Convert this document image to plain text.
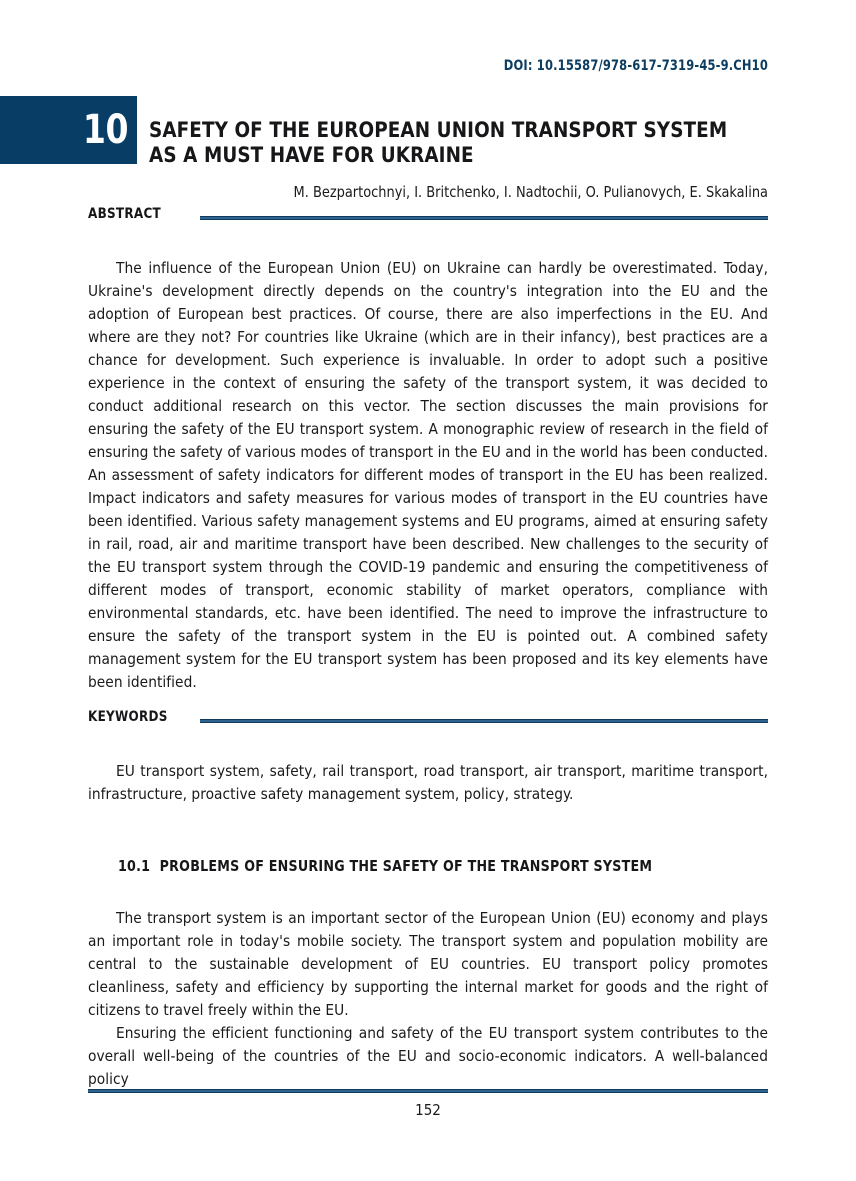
DOI: 10.15587/978-617-7319-45-9.CH10
10 SAFETY OF THE EUROPEAN UNION TRANSPORT SYSTEM
AS A MUST HAVE FOR UKRAINE
M. Bezpartochnyi, I. Britchenko, I. Nadtochii, O. Pulianovych, E. Skakalina
ABSTRACT

The influence of the European Union (EU) on Ukraine can hardly be overestimated. Today, Ukraine's development directly depends on the country's integration into the EU and the adoption of European best practices. Of course, there are also imperfections in the EU. And where are they not? For countries like Ukraine (which are in their infancy), best practices are a chance for development. Such experience is invaluable. In order to adopt such a positive experience in the context of ensuring the safety of the transport system, it was decided to conduct additional research on this vector. The section discusses the main provisions for ensuring the safety of the EU transport system. A monographic review of research in the field of ensuring the safety of various modes of transport in the EU and in the world has been conducted. An assessment of safety indicators for different modes of transport in the EU has been realized. Impact indicators and safety measures for various modes of transport in the EU countries have been identified. Various safety management systems and EU programs, aimed at ensuring safety in rail, road, air and maritime transport have been described. New challenges to the security of the EU transport system through the COVID-19 pandemic and ensuring the competitiveness of different modes of transport, economic stability of market operators, compliance with environmental standards, etc. have been identified. The need to improve the infrastructure to ensure the safety of the transport system in the EU is pointed out. A combined safety management system for the EU transport system has been proposed and its key elements have been identified.

KEYWORDS

EU transport system, safety, rail transport, road transport, air transport, maritime transport, infrastructure, proactive safety management system, policy, strategy.

10.1 PROBLEMS OF ENSURING THE SAFETY OF THE TRANSPORT SYSTEM

The transport system is an important sector of the European Union (EU) economy and plays an important role in today's mobile society. The transport system and population mobility are central to the sustainable development of EU countries. EU transport policy promotes cleanliness, safety and efficiency by supporting the internal market for goods and the right of citizens to travel freely within the EU.

Ensuring the efficient functioning and safety of the EU transport system contributes to the overall well-being of the countries of the EU and socio-economic indicators. A well-balanced policy

152
